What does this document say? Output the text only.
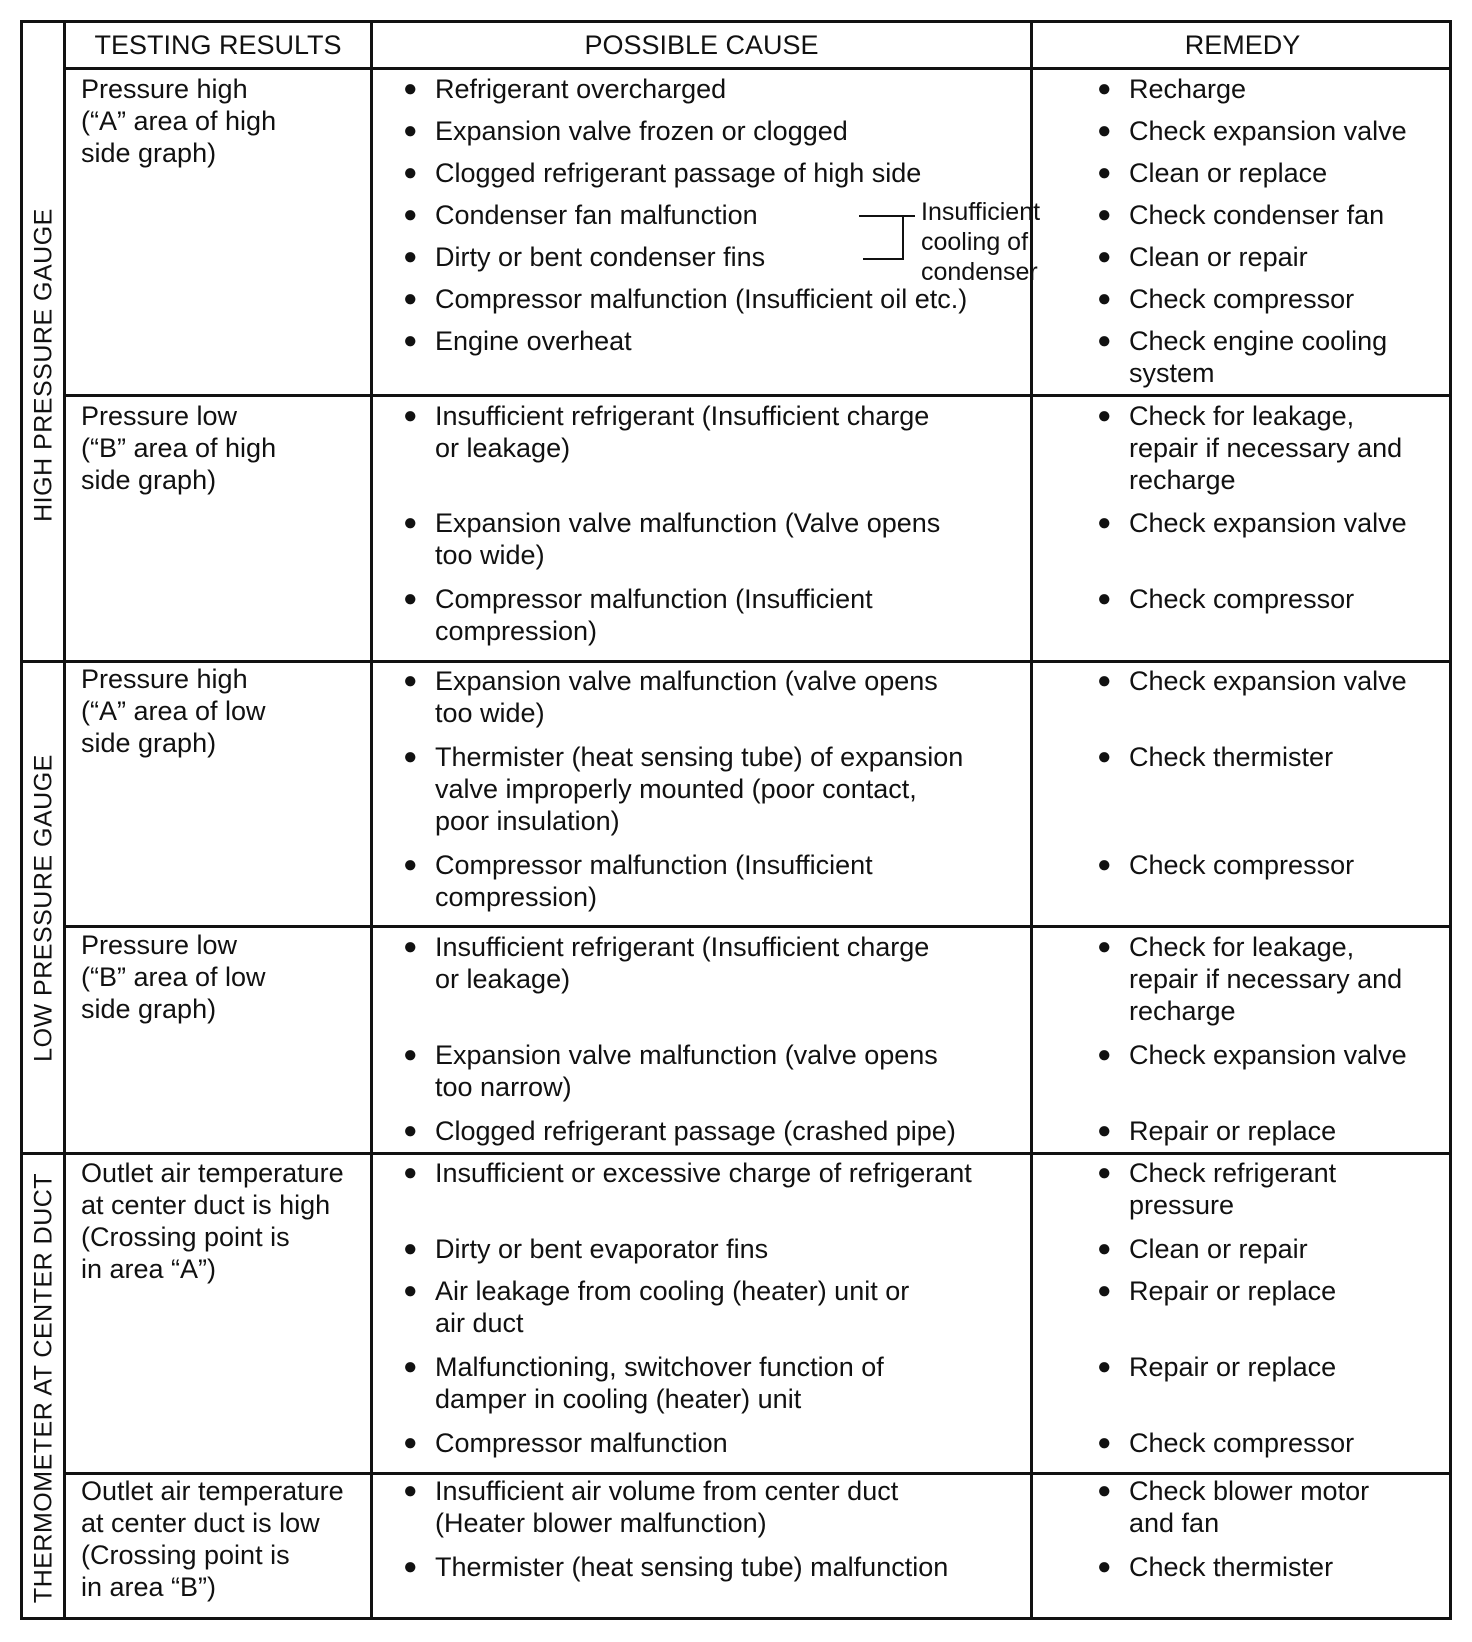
TESTING RESULTS	POSSIBLE CAUSE	REMEDY
HIGH PRESSURE GAUGE
LOW PRESSURE GAUGE
THERMOMETER AT CENTER DUCT
Pressure high
(“A” area of high
side graph)
● Refrigerant overcharged
● Expansion valve frozen or clogged
● Clogged refrigerant passage of high side
● Condenser fan malfunction
● Dirty or bent condenser fins
Insufficient
cooling of
condenser
● Compressor malfunction (Insufficient oil etc.)
● Engine overheat
● Recharge
● Check expansion valve
● Clean or replace
● Check condenser fan
● Clean or repair
● Check compressor
● Check engine cooling
system
Pressure low
(“B” area of high
side graph)
● Insufficient refrigerant (Insufficient charge
or leakage)
● Expansion valve malfunction (Valve opens
too wide)
● Compressor malfunction (Insufficient
compression)
● Check for leakage,
repair if necessary and
recharge
● Check expansion valve
● Check compressor
Pressure high
(“A” area of low
side graph)
● Expansion valve malfunction (valve opens
too wide)
● Thermister (heat sensing tube) of expansion
valve improperly mounted (poor contact,
poor insulation)
● Compressor malfunction (Insufficient
compression)
● Check expansion valve
● Check thermister
● Check compressor
Pressure low
(“B” area of low
side graph)
● Insufficient refrigerant (Insufficient charge
or leakage)
● Expansion valve malfunction (valve opens
too narrow)
● Clogged refrigerant passage (crashed pipe)
● Check for leakage,
repair if necessary and
recharge
● Check expansion valve
● Repair or replace
Outlet air temperature
at center duct is high
(Crossing point is
in area “A”)
● Insufficient or excessive charge of refrigerant
● Dirty or bent evaporator fins
● Air leakage from cooling (heater) unit or
air duct
● Malfunctioning, switchover function of
damper in cooling (heater) unit
● Compressor malfunction
● Check refrigerant
pressure
● Clean or repair
● Repair or replace
● Repair or replace
● Check compressor
Outlet air temperature
at center duct is low
(Crossing point is
in area “B”)
● Insufficient air volume from center duct
(Heater blower malfunction)
● Thermister (heat sensing tube) malfunction
● Check blower motor
and fan
● Check thermister
